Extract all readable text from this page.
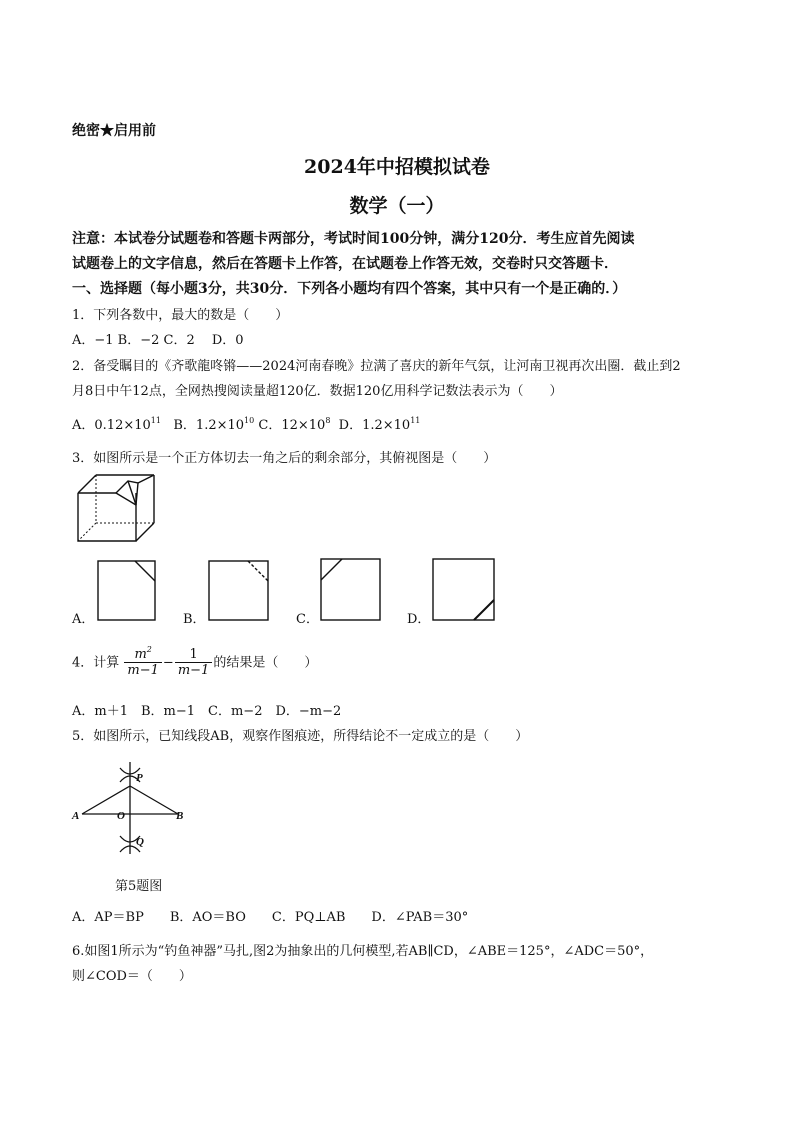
绝密★启用前
2024年中招模拟试卷
数学（一）
注意：本试卷分试题卷和答题卡两部分，考试时间100分钟，满分120分．考生应首先阅读
试题卷上的文字信息，然后在答题卡上作答，在试题卷上作答无效，交卷时只交答题卡．
一、选择题（每小题3分，共30分．下列各小题均有四个答案，其中只有一个是正确的．）
1．下列各数中，最大的数是（　　）
A．−1 B．−2 C．2　 D．0
2．备受瞩目的《齐歌龍咚锵——2024河南春晚》拉满了喜庆的新年气氛，让河南卫视再次出圈．截止到2
月8日中午12点，全网热搜阅读量超120亿．数据120亿用科学记数法表示为（　　）
A．$0.12\times 10^{11}$ B．$1.2\times 10^{10}$ C．$12\times 10^8$ D．$1.2\times 10^{11}$
3．如图所示是一个正方体切去一角之后的剩余部分，其俯视图是（　　）
A．	B．	C．	D．
4．计算 $\frac{m^2}{m-1} - \frac{1}{m-1}$ 的结果是（　　）
A．m＋1　B．m−1　C．m−2　D．−m−2
5．如图所示，已知线段AB，观察作图痕迹，所得结论不一定成立的是（　　）
P
A	O	B
Q
第5题图
A．AP＝BP　　B．AO＝BO　　C．PQ⊥AB　　D．∠PAB＝30°
6.如图1所示为“钓鱼神器”马扎,图2为抽象出的几何模型,若AB∥CD，∠ABE＝125°，∠ADC＝50°，
则∠COD＝（　　）
